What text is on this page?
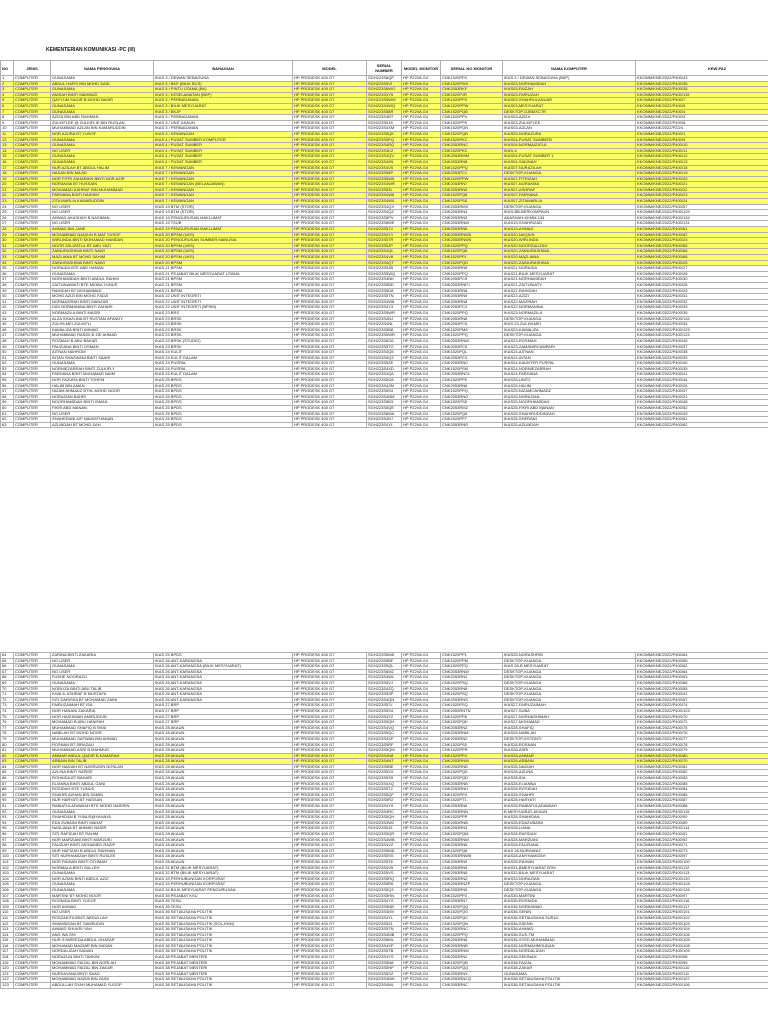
KEMENTERIAN KOMUNIKASI -PC (I/I)
NO	JENIS	NAMA PENGGUNA	BAHAGIAN	MODEL	SERIAL NUMBER	MODEL MONITOR	SERIAL NO MONITOR	NAMA KOMPUTER	KEW-PA2
1	COMPUTER	GUNASAMA	IKAS 3 / DEWAN SEBAGUNA	HP PRODESK 400 G7	SGH223S6QP	HP P22VA G4	CNK1520PFK	IKAS 3 / DEWAN SEBAGUNA (BKP)	KKOMM/KNE/2022/P400/43
2	COMPUTER	ABDUL HAFIS BIN MOHD SAID	IKAS 5 / BKP (BILIK BCS)	HP PRODESK 400 G7	SGH223S5VI	HP P22VA G4	CNK1520PWV	IKAS03-NORHAMIDAH	KKOMM/KNE/2022/P400/36
3	COMPUTER	GUNASAMA	IKAS 5 / PINTU UTAMA (BK)	HP PRODESK 400 G7	SGH223S6WG	HP P22VA G4	CNK2053RKF	IKAS03-FAIZAH	KKOMM/KNE/2022/P400/35
4	COMPUTER	ANISAH BINTI MAHMUD	IKAS 3 / KESELAMATAN (BKP)	HP PRODESK 400 G7	SGH223S4Y5	HP P22VA G4	CNK1520PJR	IKAS03-FAIRUZAH	KKOMM/KNE/2022/P400/119
5	COMPUTER	QAYYUM SAGIR B MOHD NASIR	IKAS 3 / PERBADANAN	HP PRODESK 400 G7	SGH223S5WW	HP P22VA G4	CNK1520PPX	IKAS03-SHAHRULANUAR	KKOMM/KNE/2022/P400/7
6	COMPUTER	GUNASAMA	IKAS 3 / BILIK MESYUARAT	HP PRODESK 400 G7	SGH223S4WQ	HP P22VA G4	CNK1520PPW	IKAS03-MESYUARAT	KKOMM/KNE/2022/P400/5
7	COMPUTER	GUNASAMA	IKAS 3 / BKJP	HP PRODESK 400 G7	SGH223S58R	HP P22VA G4	CNK1520PQB	DESKTOP-DJBMXC7R	KKOMM/KNE/2022/P400/4
8	COMPUTER	AZIZA BIN ABD RAHMAN	IKAS 3 / PERBADANAN	HP PRODESK 400 G7	SGH223S4BT	HP P22VA G4	CNK1520PPV	IKAS03-AZIZA	KKOMM/KNE/2022/P400/3
9	COMPUTER	ZULKIFLEE @ ZULKIFLIE BIN RUSLAN	IKAS 3 / UNIT AKAUN	HP PRODESK 400 G7	SGH223S51K	HP P22VA G4	CNK1520PPK	IKAS03-ZULKIFLEE	KKOMM/KNE/2022/P400/8
10	COMPUTER	MUHAMMAD AZLAN BIN KAMARUDDIN	IKAS 3 / PERBADANAN	HP PRODESK 400 G7	SGH223S4XM	HP P22VA G4	CNK1520PQN	IKAS03-AZLAN	KKOMM/KNE/2022/P22/4
11	COMPUTER	NOR AZURA BT YUSOF	IKAS 3 / KEWANGAN	HP PRODESK 400 G7	SGH223S5QK	HP P22VA G4	CNK1520PQB	IKAS03-NORAZURA	KKOMM/KNE/2022/P400/1
12	COMPUTER	GUNASAMA	IKAS 4 / PUSAT SUMBER KOMPUTER	HP PRODESK 400 G7	SGH223S5PQ	HP P22VA G4	CNK1520PKC	IKAS04-PUSAT SUMBER2	KKOMM/KNE/2022/P400/9
13	COMPUTER	GUNASAMA	IKAS 4 / PUSAT SUMBER	HP PRODESK 400 G7	SGH223S4RQ	HP P22VA G4	CNK2053RNC	IKAS04-NORMAIZATUL	KKOMM/KNE/2022/P400/10
14	COMPUTER	NO USER	IKAS 4 / PUSAT SUMBER	HP PRODESK 400 G7	SGH223S4KZ	HP P22VA G4	CNK1520PKC	IKAS-4	KKOMM/KNE/2022/P400/11
15	COMPUTER	GUNASAMA	IKAS 4 / PUSAT SUMBER	HP PRODESK 400 G7	SGH223S4QV	HP P22VA G4	CNK2053RMM	IKAS04-PUSAT SUMBER 1	KKOMM/KNE/2022/P400/12
16	COMPUTER	GUNASAMA	IKAS 4 / PUSAT SUMBER	HP PRODESK 400 G7	SGH223S49N	HP P22VA G4	CNK2053RN8	IKAS04-SAKINAH	KKOMM/KNE/2022/P400/13
17	COMPUTER	NUR AZILAH BT ABDUL HALIM	IKAS 7 / KEWANGAN	HP PRODESK 400 G7	SGH223S4V5	HP P22VA G4	CNK1520PPQ	IKAS07-NURAZILAH	KKOMM/KNE/2022/P400/18
18	COMPUTER	HASAN BIN MAJID	IKAS 7 / KEWANGAN	HP PRODESK 400 G7	SGH223S56P	HP P22VA G4	CNK2053PC1	DESKTOP-KUANGA	KKOMM/KNE/2022/P400/19
19	COMPUTER	NOR FITRI ZAHARAIN BINTI NOR AZIR	IKAS 7 / KEWANGAN	HP PRODESK 400 G7	SGH223S5W5	HP P22VA G4	CNK1520PPW	IKAS07-FITRIZAH	KKOMM/KNE/2022/P400/20
20	COMPUTER	NORAKMA BT HUSSAIN	IKAS 7 / KEWANGAN (BELANJAWAN)	HP PRODESK 400 G7	SGH223S4WR	HP P22VA G4	CNK2053RN7	IKAS07-NORAKMA	KKOMM/KNE/2022/P400/21
21	COMPUTER	MOHAMAD ASHRAF BIN MUHAMMAD	IKAS 7 / KEWANGAN	HP PRODESK 400 G7	SGH223S53L	HP P22VA G4	CNK2053RN5	IKAS07-ASHRAF	KKOMM/KNE/2022/P400/22
22	COMPUTER	FARHANA BINTI HASHIM	IKAS 7 / KEWANGAN	HP PRODESK 400 G7	SGH223S4W6	HP P22VA G4	CNK1520PQ8	IKAS07-FARHANA	KKOMM/KNE/2022/P400/23
23	COMPUTER	ZITA MARLIA KAMARUDDIN	IKAS 7 / KEWANGAN	HP PRODESK 400 G7	SGH223S4W0	HP P22VA G4	CNK1520PS8	IKAS07-ZITAMARLIA	KKOMM/KNE/2022/P400/24
24	COMPUTER	NO USER	IKAS 19 BTM (STOR)	HP PRODESK 400 G7	SGH223S4QX	HP P22VA G4	CNK2053RMX	DESKTOP-KUANGA	KKOMM/KNE/2022/P400/57
25	COMPUTER	NO USER	IKAS 19 BTM (STOR)	HP PRODESK 400 G7	SGH223S4QZ	HP P22VA G4	CNK2053RN4	IKAS-BB-BERKOMPAUN	KKOMM/KNE/2022/P400/129
26	COMPUTER	AHMAD AKASHAH B NASIMAN	IKAS 19 PENGURUSAN MAKLUMAT	HP PRODESK 400 G7	SGH223S5PV	HP P22VA G4	CNK2053RN3	AKASHAH-KKMM-134	KKOMM/KNE/2022/P400/134
27	COMPUTER	NO USER	IKAS 19 TSUB	HP PRODESK 400 G7	SGH223S6ME	HP P22VA G4	CNK2053RNW	IKAS19-SHAHRIZAD	KKOMM/KNE/2022/P400/131
28	COMPUTER	AHMAD BIN JANE	IKAS 19 PENGURUSAN MAKLUMAT	HP PRODESK 400 G7	SGH223S57V	HP P22VA G4	CNK2053RN8	IKAS19-AHMAD	KKOMM/KNE/2022/P400/61
29	COMPUTER	MOHAMMAD NAQIUN B MAT YUSOF	IKAS 20 BPSM (UKS)	HP PRODESK 400 G7	SGH223S4Y1	HP P22VA G4	CNK2053RNW5	IKAS20-NAQIUN	KKOMM/KNE/2022/P400/62
30	COMPUTER	WIRLINDA BINTI MOHAMAD HAMDAN	IKAS 20 PENGURUSAN SUMBER MANUSIA	HP PRODESK 400 G7	SGH223S57R	HP P22VA G4	CNK2053RNW5	IKAS20-WIRLINDA	KKOMM/KNE/2022/P400/23
31	COMPUTER	NOOR ZALIZATUL BT ABU YAZI	IKAS 20 BPSM (UKS)	HP PRODESK 400 G7	SGH223S5JP	HP P22VA G4	CNK1520PPQ	IKAS20-NOORZALIZAH	KKOMM/KNE/2022/P400/65
32	COMPUTER	ZAINURASHIMA BINTI NAWI	IKAS 20 BPSM (UKS)	HP PRODESK 400 G7	SGH223S4QL	HP P22VA G4	CNK1520PQ8	IKAS20-ZAINURASHIMA	KKOMM/KNE/2022/P400/66
33	COMPUTER	MAZLIANA BT MOHD SAHIM	IKAS 20 BPSM (UKS)	HP PRODESK 400 G7	SGH223S4V8	HP P22VA G4	CNK1520PPL	IKAS20-MAZLIANA	KKOMM/KNE/2022/P400/68
34	COMPUTER	ZAINURASHIMA BINTI NAWI	IKAS 20 BPSM	HP PRODESK 400 G7	SGH223S4QT	HP P22VA G4	CNK1520PQD	IKAS20-ZAINURASHIMA	KKOMM/KNE/2022/P400/25
35	COMPUTER	NORAIDA BTE ABD HAMAN	IKAS 21 BPSM	HP PRODESK 400 G7	SGH223S53B	HP P22VA G4	CNK2053RN5	IKAS21-NORAIDA	KKOMM/KNE/2022/P400/27
36	COMPUTER	GUNASAMA	IKAS 21 PEJABAT BILIK MESYUARAT UTAMA	HP PRODESK 400 G7	SGH223S5WQ	HP P22VA G4	CNK1520PPQ	IKAS21-BILIK MESYUARAT	KKOMM/KNE/2022/P400/28
37	COMPUTER	NORHAMIDAH BINTI ABDUL RAHIM	IKAS 21 BPSM	HP PRODESK 400 G7	SGH223S4NK	HP P22VA G4	CNK2053PC5	IKAS21-NORHAMIDAH	KKOMM/KNE/2022/P400/30
38	COMPUTER	ZAITUNIAWATI BTE MIOBA YUNUS	IKAS 21 BPSM	HP PRODESK 400 G7	SGH223S5BD	HP P22VA G4	CNK2053RNPJ	IKAS21-ZAITUNIATY	KKOMM/KNE/2022/P400/28
39	COMPUTER	RAHIDAH BT MOHAMMAD	IKAS 21 BPSM	HP PRODESK 400 G7	SGH223S5D8	HP P22VA G4	CNK2053RN8	IKAS21-RAHIDAH	KKOMM/KNE/2022/P400/29
40	COMPUTER	MOHD AZIZI BIN MOHD FADZI	IKAS 22 UNIT INTEGRITI	HP PRODESK 400 G7	SGH223S5TN	HP P22VA G4	CNK2053RN9	IKAS22-AZIZI	KKOMM/KNE/2022/P400/31
41	COMPUTER	NORMAZIRAH BINTI MANZAR	IKAS 22 UNIT INTEGRITI	HP PRODESK 400 G7	SGH223S4W8	HP P22VA G4	CNK2053RN8	IKAS22-MAZIRAH	KKOMM/KNE/2022/P400/32
42	COMPUTER	DIDI NORMANINA BINTI ZAHARI	IKAS 22 UNIT INTEGRITI (BPSM)	HP PRODESK 400 G7	SGH223S4Y3	HP P22VA G4	CNK2053PC3	IKAS22-NORMANINA	KKOMM/KNE/2022/P400/33
43	COMPUTER	NORMAZILA BINTI MASRI	IKAS 23 BRS	HP PRODESK 400 G7	SGH223S5WR	HP P22VA G4	CNK1520PPQ	IKAS23-NORMAZILA	KKOMM/KNE/2022/P400/35
44	COMPUTER	ALZA SHAZLINA BT RUSTAM AFANDY	IKAS 23 BRSK	HP PRODESK 400 G7	SGH223S4NJ	HP P22VA G4	CNK2053RN8	DESKTOP-KUANGA	KKOMM/KNE/2022/P400/132
45	COMPUTER	ZULHILMEI ZULKIFLI	IKAS 23 BRSK	HP PRODESK 400 G7	SGH223S4NL	HP P22VA G4	CNK2053PC5	IKAS 23-ZULHILMEI	KKOMM/KNE/2022/P400/34
46	COMPUTER	KAMALIZA BINTI AHMAD	IKAS 23 BRSK	HP PRODESK 400 G7	SGH223S5B8	HP P22VA G4	CNK1520PM8	IKAS23-KAMALIZA	KKOMM/KNE/2022/P400/123
47	COMPUTER	MUHAMMAD RASIDI B ZIE AHMAD	IKAS 23 BRSK	HP PRODESK 400 G7	SGH223S5WR	HP P22VA G4	CNK1520PPQ	DESKTOP-KUANGA	KKOMM/KNE/2022/P400/124
48	COMPUTER	ROSMAH B ABU BAKAR	IKAS 23 BRSK (STUDIO)	HP PRODESK 400 G7	SGH223S6G6	HP P22VA G4	CNK2053RNW	IKAS23-ROSMAH	KKOMM/KNE/2022/P400/45
49	COMPUTER	PAUZIANA BINTI OSMAN	IKAS 23 BRSK	HP PRODESK 400 G7	SGH223S5TG	HP P22VA G4	CNK2053PC5	IKAS23-ZAMANIRCAMPARI	KKOMM/KNE/2022/P400/37
50	COMPUTER	AITNAN NAHROM	IKAS 24 KULIT	HP PRODESK 400 G7	SGH223S4Q5	HP P22VA G4	CNK1520PQL	IKAS24-AITNAN	KKOMM/KNE/2022/P400/38
51	COMPUTER	INTAN SHAZWANI BINTI SAARI	IKAS 24 KULIT DALAM	HP PRODESK 400 G7	SGH223S5Q3	HP P22VA G4	CNK2053PC3	IKAS24-INTAN	KKOMM/KNE/2022/P400/39
52	COMPUTER	GUNASAMA	IKAS 24 PUSPAL	HP PRODESK 400 G7	SGH223S6ZE	HP P22VA G4	CNK2053RNC	IKAS24-KAUNTER PUSPAL	KKOMM/KNE/2022/P400/40
53	COMPUTER	NORNIEZARRAH BINTI ZULKIFLY	IKAS 24 PUSPAL	HP PRODESK 400 G7	SGH223S4XD	HP P22VA G4	CNK1520PSM	IKAS24-NORNIEZARRAH	KKOMM/KNE/2022/P400/39
54	COMPUTER	FARHANA BINTI MUHAMAD NAIM	IKAS 24 KULIT DALAM	HP PRODESK 400 G7	SGH223S4Q8	HP P22VA G4	CNK2053RNCL	IKAS24-FARHANA	KKOMM/KNE/2022/P400/41
55	COMPUTER	NOR FAZURA BINTI TOHEM	IKAS 25 BPDS	HP PRODESK 400 G7	SGH223S5G8	HP P22VA G4	CNK1520PP5	IKAS25-UNIT2	KKOMM/KNE/2022/P400/44
56	COMPUTER	HALIM BIN AMAN	IKAS 25 BPDS	HP PRODESK 400 G7	SGH223S4ZM	HP P22VA G4	CNK2053RN8	IKAS25-HALIM	KKOMM/KNE/2022/P400/26
57	COMPUTER	NIZAM AHMADZ BTHL MOHD NOOR	IKAS 25 BPDS	HP PRODESK 400 G7	SGH223S5S4	HP P22VA G4	CNK1520PPQ	IKAS25-NIZAMCAHMADZ	KKOMM/KNE/2022/P400/47
58	COMPUTER	NORAZIAN BAHRI	IKAS 25 BPDS	HP PRODESK 400 G7	SGH223S4NM	HP P22VA G4	CNK2053RNG	IKAS25-NORAZIAN	KKOMM/KNE/2022/P400/21
59	COMPUTER	NOORHAMIDAH BINTI ISMAIL	IKAS 25 BPDS	HP PRODESK 400 G7	SGH223S5B3	HP P22VA G4	CNK1520PS8	IKAS25-NOORHAMIDAH	KKOMM/KNE/2022/P400/48
60	COMPUTER	FIKRI ABD MANAN	IKAS 25 BPDS	HP PRODESK 400 G7	SGH223S5QE	HP P22VA G4	CNK2053RMZ	IKAS25-FIKRI ABD MANAN	KKOMM/KNE/2022/P400/52
61	COMPUTER	NO USER	IKAS 25 BPDS	HP PRODESK 400 G7	SGH223S6MA	HP P22VA G4	CNK1520PQ6	IKAS25-SHAHIRUDDINZAH	KKOMM/KNE/2022/P400/49
62	COMPUTER	SHAHERANI A/P NAVASTHANAN	IKAS 25 BPDS	HP PRODESK 400 G7	SGH223S4N7	HP P22VA G4	CNK1520PP7	IKAS25-SHERANI	KKOMM/KNE/2022/P400/61
63	COMPUTER	AZLINDAH BT MOHD SAH	IKAS 25 BPDS	HP PRODESK 400 G7	SGH223S4YL	HP P22VA G4	CNK2053RNR	IKAS25-AZLINDAH	KKOMM/KNE/2022/P400/62
64	COMPUTER	ZARINA BINTI ZAKARIA	IKAS 25 BPDS	HP PRODESK 400 G7	SGH223S5M8	HP P22VA G4	CNK1520PP1	IKAS25-NORASHRIN	KKOMM/KNE/2022/P400/64
65	COMPUTER	NO USER	IKAS 26 ANT-KARANGSA	HP PRODESK 400 G7	SGH223S5BF	HP P22VA G4	CNK1520PPM	DESKTOP-KUANGA	KKOMM/KNE/2022/P400/65
66	COMPUTER	GUNASAMA	IKAS 26 ANT-KARANGSA (BILIK MESYUARAT)	HP PRODESK 400 G7	SGH223S5QL	HP P22VA G4	CNK1520PPQ	IKAS 26-B MESYUARAT	KKOMM/KNE/2022/P400/62
67	COMPUTER	NO USER	IKAS 26 ANT-KARANGSA	HP PRODESK 400 G7	SGH223S6M2	HP P22VA G4	CNK2053RNW	DESKTOP-KUANGA	KKOMM/KNE/2022/P400/64
68	COMPUTER	FUSHE NOORAZLI	IKAS 26 ANT-KARANGSA	HP PRODESK 400 G7	SGH223S4WL	HP P22VA G4	CNK2053RN2	DESKTOP-KUANGA	KKOMM/KNE/2022/P400/63
69	COMPUTER	GUNASAMA	IKAS 26 ANT-KARANGSA	HP PRODESK 400 G7	SGH223S5VJ	HP P22VA G4	CNK1520PSQ	DESKTOP-KUANGA	KKOMM/KNE/2022/P400/66
70	COMPUTER	NORLIZA BINTI ABU TALIB	IKAS 26 ANT-KARANGSA	HP PRODESK 400 G7	SGH223S4ZQ	HP P22VA G4	CNK2053RN8	DESKTOP-KUANGA	KKOMM/KNE/2022/P400/55
71	COMPUTER	KHALIL ASHRAF B MUSTAFA	IKAS 26 ANT-KARANGSA	HP PRODESK 400 G7	SGH223S5SP	HP P22VA G4	CNK1520PSQ	DESKTOP-KUANGA	KKOMM/KNE/2022/P400/41
72	COMPUTER	SITI DARISSA BT MOHAMAD ZAINI	IKAS 26 ANT-KARANGSA	HP PRODESK 400 G7	SGH223S4QN	HP P22VA G4	CNK2053RNS	DESKTOP-KUANGA	KKOMM/KNE/2022/P400/57
73	COMPUTER	FAIRUZAIMAH BT ISA	IKAS 27 BRP	HP PRODESK 400 G7	SGH223S57L	HP P22VA G4	CNK1520PSQ	IKAS27-FAIRUZAIMAH	KKOMM/KNE/2022/P400/74
74	COMPUTER	NOR HANANI ZAKARIA	IKAS 27 BRP	HP PRODESK 400 G7	SGH223S5S4	HP P22VA G4	CNK2053RNTN	IKAS27-SUBA	KKOMM/KNE/2022/P400/123
75	COMPUTER	NOR HASHIMAH AMIRUDDIN	IKAS 27 BRP	HP PRODESK 400 G7	SGH223S4Y2	HP P22VA G4	CNK1520PP8	IKAS27-NORHASHIMAH	KKOMM/KNE/2022/P400/70
76	COMPUTER	MOHAMAD B ABU HANIFAH	IKAS 27 BRP	HP PRODESK 400 G7	SGH223S5QH	HP P22VA G4	CNK1520PQK	IKAS27-MOHAMAD	KKOMM/KNE/2022/P400/72
77	COMPUTER	MUHAMMAD SHAFIQ B SHAI	IKAS 28 AKAUN	HP PRODESK 400 G7	SGH223S4VQ	HP P22VA G4	CNK2053RNZ	IKAS28-SHAFIQ	KKOMM/KNE/2022/P400/75
78	COMPUTER	NABILAH BT MOHD NOOR	IKAS 28 AKAUN	HP PRODESK 400 G7	SGH223S5QC	HP P22VA G4	CNK2053RNM	IKAS28-NABILAH	KKOMM/KNE/2022/P400/76
79	COMPUTER	MUHAMMAD SAFWAN BIN AHMAD	IKAS 28 AKAUN	HP PRODESK 400 G7	SGH223S4XP	HP P22VA G4	CNK2053RN2	DESKTOP-ESTDNTI	KKOMM/KNE/2022/P400/77
80	COMPUTER	ROSNAN BT SIRAZALI	IKAS 28 AKAUN	HP PRODESK 400 G7	SGH223S5RF	HP P22VA G4	CNK1520PS5	IKAS28-ROSNAN	KKOMM/KNE/2022/P400/78
81	COMPUTER	MUHAMMAD ASRI B MAHMUD	IKAS 28 AKAUN	HP PRODESK 400 G7	SGH223S5QM	HP P22VA G4	CNK1520PPR	IKAS28-ASRI	KKOMM/KNE/2022/P400/79
82	COMPUTER	AMMAR ABDUL QADIR B KAMARAH	IKAS 28 AKAUN	HP PRODESK 400 G7	SGH223S4N8	HP P22VA G4	CNK1520PP4	IKAS28-AMMAR	KKOMM/KNE/2022/P400/80
83	COMPUTER	ARBAIN BIN TALIB	IKAS 28 AKAUN	HP PRODESK 400 G7	SGH223S4NT	HP P22VA G4	CNK2053RNW	IKAS28-ARBAIN	KKOMM/KNE/2022/P400/70
84	COMPUTER	NOR NADIAH BT NASRUDIN NOSLAN	IKAS 28 AKAUN	HP PRODESK 400 G7	SGH223S5BE	HP P22VA G4	CNK2053RNB	IKAS28-NADIAH	KKOMM/KNE/2022/P400/81
85	COMPUTER	AZLINA BINTI SAPIEE	IKAS 28 AKAUN	HP PRODESK 400 G7	SGH223S5XX	HP P22VA G4	CNK1520PQ5	IKAS28-AZLINA	KKOMM/KNE/2022/P400/82
86	COMPUTER	ROHAIDA BT BAHARI	IKAS 28 AKAUN	HP PRODESK 400 G7	SGH223S5S9	HP P22VA G4	CNK1520PQD	IKAS28-IDA	KKOMM/KNE/2022/P400/83
87	COMPUTER	ELIANNA BINTI ABDUL GANI	IKAS 28 AKAUN	HP PRODESK 400 G7	SGH223S4XQ	HP P22VA G4	CNK2053RNB	IKAS28-ELIANNA	KKOMM/KNE/2022/P400/85
88	COMPUTER	ROSIDAH BTE YUNUS	IKAS 28 AKAUN	HP PRODESK 400 G7	SGH223S5T2	HP P22VA G4	CNK2053RNH	IKAS28-ROSIDAH	KKOMM/KNE/2022/P400/84
89	COMPUTER	SHAHRI AZHAN BIN SAMIN	IKAS 28 AKAUN	HP PRODESK 400 G7	SGH223S5QF	HP P22VA G4	CNK1520PP4	IKAS28-SHAHRI	KKOMM/KNE/2022/P400/86
90	COMPUTER	NUR HARYATI BT HASSAN	IKAS 28 AKAUN	HP PRODESK 400 G7	SGH223S5R2	HP P22VA G4	CNK1520PT1	IKAS28-HARYATI	KKOMM/KNE/2022/P400/87
91	COMPUTER	RABIATULADAWIAH BTE MOHD NASIRIN	IKAS 28 AKAUN	HP PRODESK 400 G7	SGH223S4Y9	HP P22VA G4	CNK2053RN6	IKAS28-RABIATULADAWIAH	KKOMM/KNE/2022/P400/88
92	COMPUTER	GUNASAMA	IKAS 28 AKAUN	HP PRODESK 400 G7	SGH223S4RC	HP P22VA G4	CNK2053RNN	B MESYUARAT-AKAUN	KKOMM/KNE/2022/P400/115
93	COMPUTER	SHAHIDAN B YUNUS@YAHAYA	IKAS 28 AKAUN	HP PRODESK 400 G7	SGH223S5QH	HP P22VA G4	CNK1520PPR	IKAS28-SHAHIDAN	KKOMM/KNE/2022/P400/90
94	COMPUTER	EDA ZUBAINI BINTI MAHAT	IKAS 28 AKAUN	HP PRODESK 400 G7	SGH223S4W2	HP P22VA G4	CNK2053RNB	IKAS28-EDAZUBAINI	KKOMM/KNE/2022/P400/89
95	COMPUTER	NASLIANA BT AHMAD NASIR	IKAS 28 AKAUN	HP PRODESK 400 G7	SGH223S5J5	HP P22VA G4	CNK2053RN3	IKAS28-LIANA	KKOMM/KNE/2022/P400/114
96	COMPUTER	SITI RAFIDAH BT RAHIM	IKAS 28 AKAUN	HP PRODESK 400 G7	SGH223S5QR	HP P22VA G4	CNK1520PQM	IKAS28-RAFIDAH	KKOMM/KNE/2022/P400/91
97	COMPUTER	NOR MARZIANI BINTI MARZUKI	IKAS 28 AKAUN	HP PRODESK 400 G7	SGH223S4WB	HP P22VA G4	CNK2053RNW	IKAS28-MARZIANI	KKOMM/KNE/2022/P400/92
98	COMPUTER	FAUZIAH BINTI MOHAMED RAZIP	IKAS 28 AKAUN	HP PRODESK 400 G7	SGH223S4VZ	HP P22VA G4	CNK2053RN6	IKAS28-FAUZIANA	KKOMM/KNE/2022/P400/71
99	COMPUTER	NUR HAFIZAH B ABDUL RAHMAN	IKAS 28 AKAUN	HP PRODESK 400 G7	SGH223S5MD	HP P22VA G4	CNK1520PQ8	IKAS 28-NURHANIZ	KKOMM/KNE/2022/P400/73
100	COMPUTER	SITI NURHAMIZAH BINTI RUSLEE	IKAS 28 AKAUN	HP PRODESK 400 G7	SGH223S5SS	HP P22VA G4	CNK2053RNW8	IKAS28-AMYHAMIZAH	KKOMM/KNE/2022/P400/97
101	COMPUTER	NOR RAIHAN BINTI OTHMAN	IKAS 28 AKAUN	HP PRODESK 400 G7	SGH223S5TK	HP P22VA G4	CNK2053RN9	IKAS28-RAIHAN	KKOMM/KNE/2022/P400/100
102	COMPUTER	NORMALA BINTI SALLEH	IKAS 31 BTM (BILIK MESYUARAT)	HP PRODESK 400 G7	SGH223S4V5	HP P22VA G4	CNK2053RN5	IKAS31-BMESYUARAT BTM	KKOMM/KNE/2022/P400/112
103	COMPUTER	GUNASAMA	IKAS 32 BTM (BILIK MESYUARAT)	HP PRODESK 400 G7	SGH223S5VS	HP P22VA G4	CNK2053RN8	IKAS32-BILIK MESYUARAT	KKOMM/KNE/2022/P400/113
104	COMPUTER	NOR AZIAN BINTI ABDUL AZIZ	IKAS 33 PERHUBUNGAN KORPORAT	HP PRODESK 400 G7	SGH223S5RQ	HP P22VA G4	CNK2053RNZ	IKAS33-NORAZIAN	KKOMM/KNE/2022/P400/120
105	COMPUTER	GUNASAMA	IKAS 34 PERHUBUNGAN KORPORAT	HP PRODESK 400 G7	SGH223S5R6	HP P22VA G4	CNK2053RNZP	DESKTOP-KUANGA	KKOMM/KNE/2022/P400/128
106	COMPUTER	GUNASAMA	IKAS 34 BILIK MESYUARAT PENGURUSAN	HP PRODESK 400 G7	SGH223S5Q3	HP P22VA G4	CNK2053RN5	DESKTOP-KUANGA	KKOMM/KNE/2022/P400/126
107	COMPUTER	MARTINI BT MOHD NOOR	IKAS 35 PEJABAT KSU	HP PRODESK 400 G7	SGH223S5HN	HP P22VA G4	CNK1520PP3	IKAS35-MARTINI	KKOMM/KNE/2022/P400/97
108	COMPUTER	ROSNIDA BINTI YUSOF	IKAS 35 TKSU	HP PRODESK 400 G7	SGH223S4YS	HP P22VA G4	CNK2053RN7	IKAS35-ROSNIDA	KKOMM/KNE/2022/P400/116
109	COMPUTER	NOR AHMAD	IKAS 35 TKSU	HP PRODESK 400 G7	SGH223S5NB	HP P22VA G4	CNK1520PQQ	IKAS35-NORAHMAD	KKOMM/KNE/2022/P400/117
110	COMPUTER	NO USER	IKAS 36 SETIAUSAHA POLITIK	HP PRODESK 400 G7	SGH223S4MV	HP P22VA G4	CNK1520PQS	IKAS36-SENIN	KKOMM/KNE/2022/P400/101
111	COMPUTER	ROSZAKITA BINTI ABDULLAH	IKAS 36 SETIAUSAHA POLITIK	HP PRODESK 400 G7	SGH223S4YL	HP P22VA G4	CNK1520PQC	IKAS36-SETIAUSAHA SURUL	KKOMM/KNE/2022/P400/102
112	COMPUTER	SHAMSIDAN BT SAMSUDIN	IKAS 36 SETIAUSAHA POLITIK (SOL-KNN)	HP PRODESK 400 G7	SGH223S5Z1	HP P22VA G4	CNK1520PQN	IKAS36-SSKNN	KKOMM/KNE/2022/P400/103
113	COMPUTER	AHMAD SHUKRI YAH	IKAS 36 SETIAUSAHA POLITIK	HP PRODESK 400 G7	SGH223S5TN	HP P22VA G4	CNK2053RNC	IKAS36-AHMAD	KKOMM/KNE/2022/P400/104
114	COMPUTER	ANG WA SHI	IKAS 36 SETIAUSAHA POLITIK	HP PRODESK 400 G7	SGH223S4MB	HP P22VA G4	CNK1520PPQ	IKAS36-SUS-TM	KKOMM/KNE/2022/P400/106
115	COMPUTER	NUR SYAREEDA ABDUL GHAFAR	IKAS 36 SETIAUSAHA POLITIK	HP PRODESK 400 G7	SGH223S6ML	HP P22VA G4	CNK2053RN6	IKAS36-SYED MUHAMMAD	KKOMM/KNE/2022/P400/105
116	COMPUTER	MOHAMAD MAZMIR BIN HASAN	IKAS 36 SETIAUSAHA POLITIK	HP PRODESK 400 G7	SGH223S4XP	HP P22VA G4	CNK2053RNB	IKAS36-NORMAHMOUDAN	KKOMM/KNE/2022/P400/108
117	COMPUTER	NORDALIZAH SAMAN	IKAS 36 SETIAUSAHA POLITIK	HP PRODESK 400 G7	SGH223S5TB	HP P22VA G4	CNK2053RNW	IKAS36-NORDALIZAH	KKOMM/KNE/2022/P400/109
118	COMPUTER	NORAZLIN BINTI TAHKIM	IKAS 38 PEJABAT MENTERI	HP PRODESK 400 G7	SGH223S4YS	HP P22VA G4	CNK2053RN2	IKAS38-SEKINAH	KKOMM/KNE/2022/P400/98
119	COMPUTER	MOHAMMAD FAIZAL BIN NORLAH	IKAS 38 PEJABAT MENTERI	HP PRODESK 400 G7	SGH223S5N8	HP P22VA G4	CNK1520PQB	IKAS38-FAIZAL	KKOMM/KNE/2022/P400/99
120	COMPUTER	MOHAMMAD FAIZAL BIN ZAKAR	IKAS 38 PEJABAT MENTERI	HP PRODESK 400 G7	SGH223S5HP	HP P22VA G4	CNK1520PQQ	IKAS38-ZAKAR	KKOMM/KNE/2022/P400/110
121	COMPUTER	NURDAYANA BINTI SAAD	IKAS 38 PEJABAT MENTERI	HP PRODESK 400 G7	SGH223S5SZ	HP P22VA G4	CNK2053RNX	GUNASAMA	KKOMM/KNE/2022/P400/111
122	COMPUTER	MOHAMMAD NAZMI BIN ZAINI	IKAS 38 SETIAUSAHA POLITIK	HP PRODESK 400 G7	SGH223S4MH	HP P22VA G4	CNK2053RNCQ	IKAS38-SETIAUSAHA POLITIK	KKOMM/KNE/2022/P400/107
123	COMPUTER	ABDULLAH SYAH MUHAMAD YUSOP	IKAS 38 SETIAUSAHA POLITIK	HP PRODESK 400 G7	SGH223S4ML	HP P22VA G4	CNK2053RNC	IKAS38-SETIAUSAHA POLITIK	KKOMM/KNE/2022/P400/106
